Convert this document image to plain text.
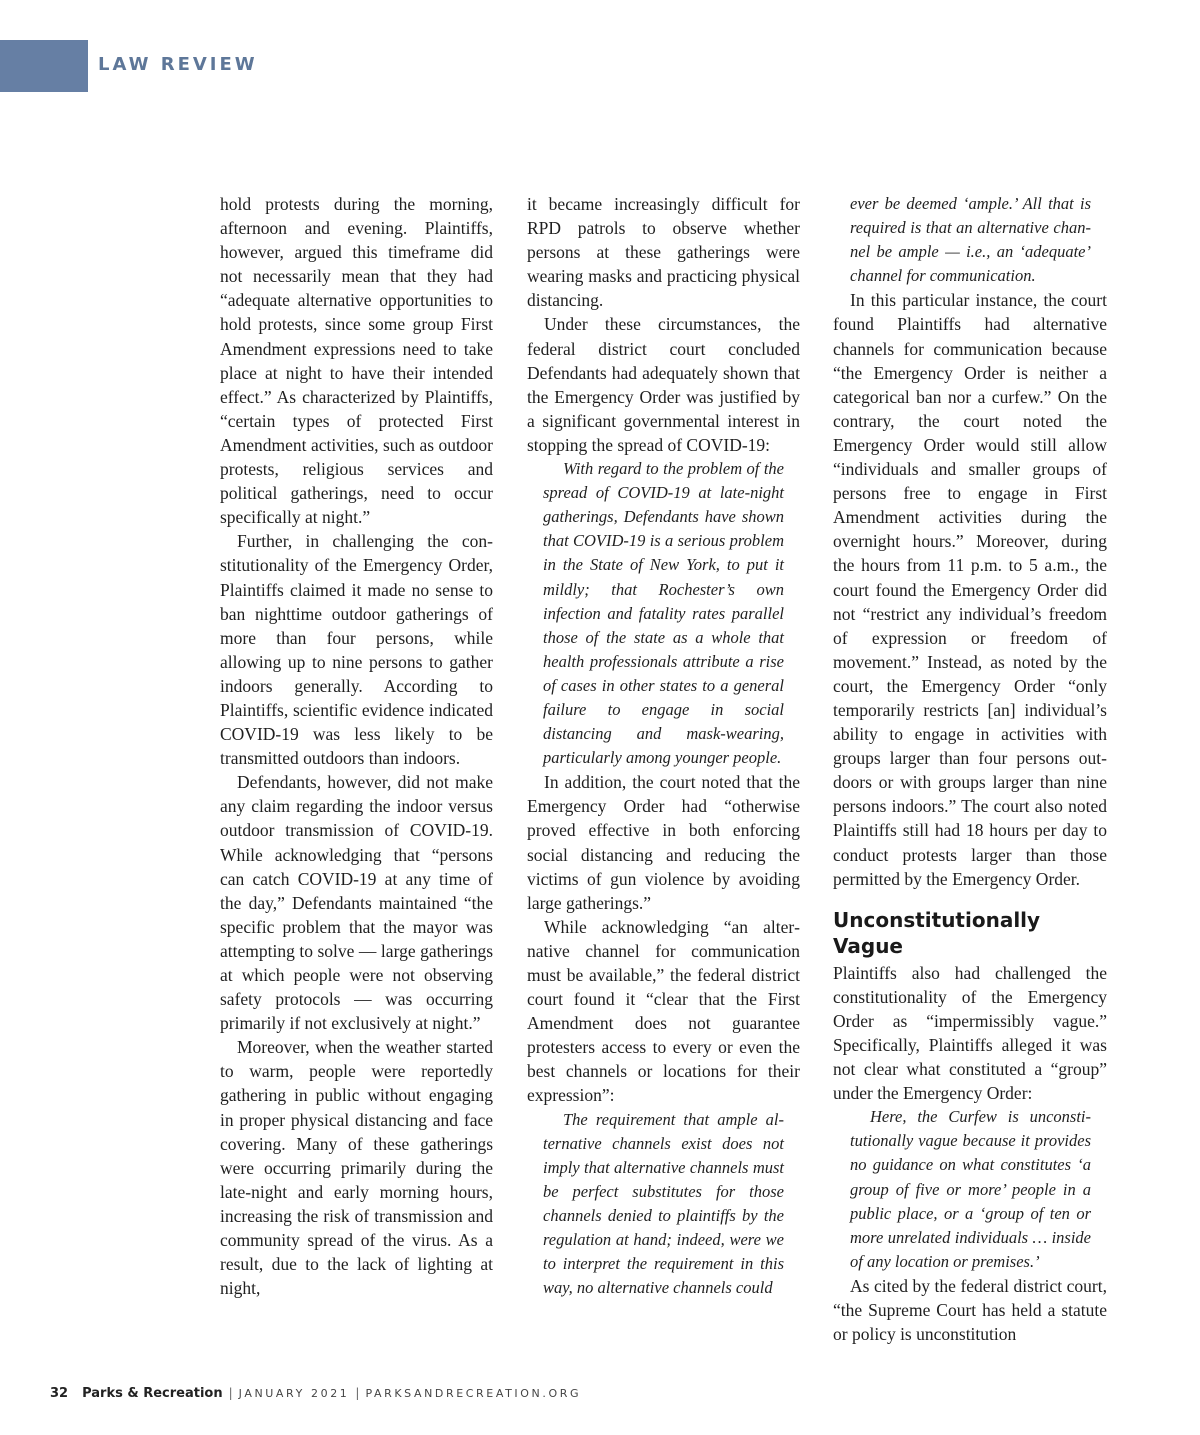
LAW REVIEW

hold protests during the morning, afternoon and evening. Plaintiffs, however, argued this timeframe did not necessarily mean that they had “adequate alternative opportunities to hold protests, since some group First Amendment expressions need to take place at night to have their intended effect.” As characterized by Plaintiffs, “certain types of protected First Amendment activities, such as outdoor protests, religious services and political gatherings, need to occur specifically at night.”

Further, in challenging the constitutionality of the Emergency Order, Plaintiffs claimed it made no sense to ban nighttime outdoor gatherings of more than four persons, while allowing up to nine persons to gather indoors generally. According to Plaintiffs, scientific evidence indicated COVID-19 was less likely to be transmitted outdoors than indoors.

Defendants, however, did not make any claim regarding the indoor versus outdoor transmission of COVID-19. While acknowledging that “persons can catch COVID-19 at any time of the day,” Defendants maintained “the specific problem that the mayor was attempting to solve — large gatherings at which people were not observing safety protocols — was occurring primarily if not exclusively at night.”

Moreover, when the weather started to warm, people were reportedly gathering in public without engaging in proper physical distancing and face covering. Many of these gatherings were occurring primarily during the late-night and early morning hours, increasing the risk of transmission and community spread of the virus. As a result, due to the lack of lighting at night,

it became increasingly difficult for RPD patrols to observe whether persons at these gatherings were wearing masks and practicing physical distancing.

Under these circumstances, the federal district court concluded Defendants had adequately shown that the Emergency Order was justified by a significant governmental interest in stopping the spread of COVID-19:

With regard to the problem of the spread of COVID-19 at late-night gatherings, Defendants have shown that COVID-19 is a serious problem in the State of New York, to put it mildly; that Rochester’s own infection and fatality rates parallel those of the state as a whole that health professionals attribute a rise of cases in other states to a general failure to engage in social distancing and mask-wearing, particularly among younger people.

In addition, the court noted that the Emergency Order had “otherwise proved effective in both enforcing social distancing and reducing the victims of gun violence by avoiding large gatherings.”

While acknowledging “an alternative channel for communication must be available,” the federal district court found it “clear that the First Amendment does not guarantee protesters access to every or even the best channels or locations for their expression”:

The requirement that ample alternative channels exist does not imply that alternative channels must be perfect substitutes for those channels denied to plaintiffs by the regulation at hand; indeed, were we to interpret the requirement in this way, no alternative channels could
ever be deemed ‘ample.’ All that is required is that an alternative channel be ample — i.e., an ‘adequate’ channel for communication.

In this particular instance, the court found Plaintiffs had alternative channels for communication because “the Emergency Order is neither a categorical ban nor a curfew.” On the contrary, the court noted the Emergency Order would still allow “individuals and smaller groups of persons free to engage in First Amendment activities during the overnight hours.” Moreover, during the hours from 11 p.m. to 5 a.m., the court found the Emergency Order did not “restrict any individual’s freedom of expression or freedom of movement.” Instead, as noted by the court, the Emergency Order “only temporarily restricts [an] individual’s ability to engage in activities with groups larger than four persons outdoors or with groups larger than nine persons indoors.” The court also noted Plaintiffs still had 18 hours per day to conduct protests larger than those permitted by the Emergency Order.

Unconstitutionally Vague

Plaintiffs also had challenged the constitutionality of the Emergency Order as “impermissibly vague.” Specifically, Plaintiffs alleged it was not clear what constituted a “group” under the Emergency Order:

Here, the Curfew is unconstitutionally vague because it provides no guidance on what constitutes ‘a group of five or more’ people in a public place, or a ‘group of ten or more unrelated individuals … inside of any location or premises.’

As cited by the federal district court, “the Supreme Court has held a statute or policy is unconstitution

32 Parks & Recreation | JANUARY 2021 | PARKSANDRECREATION.ORG
